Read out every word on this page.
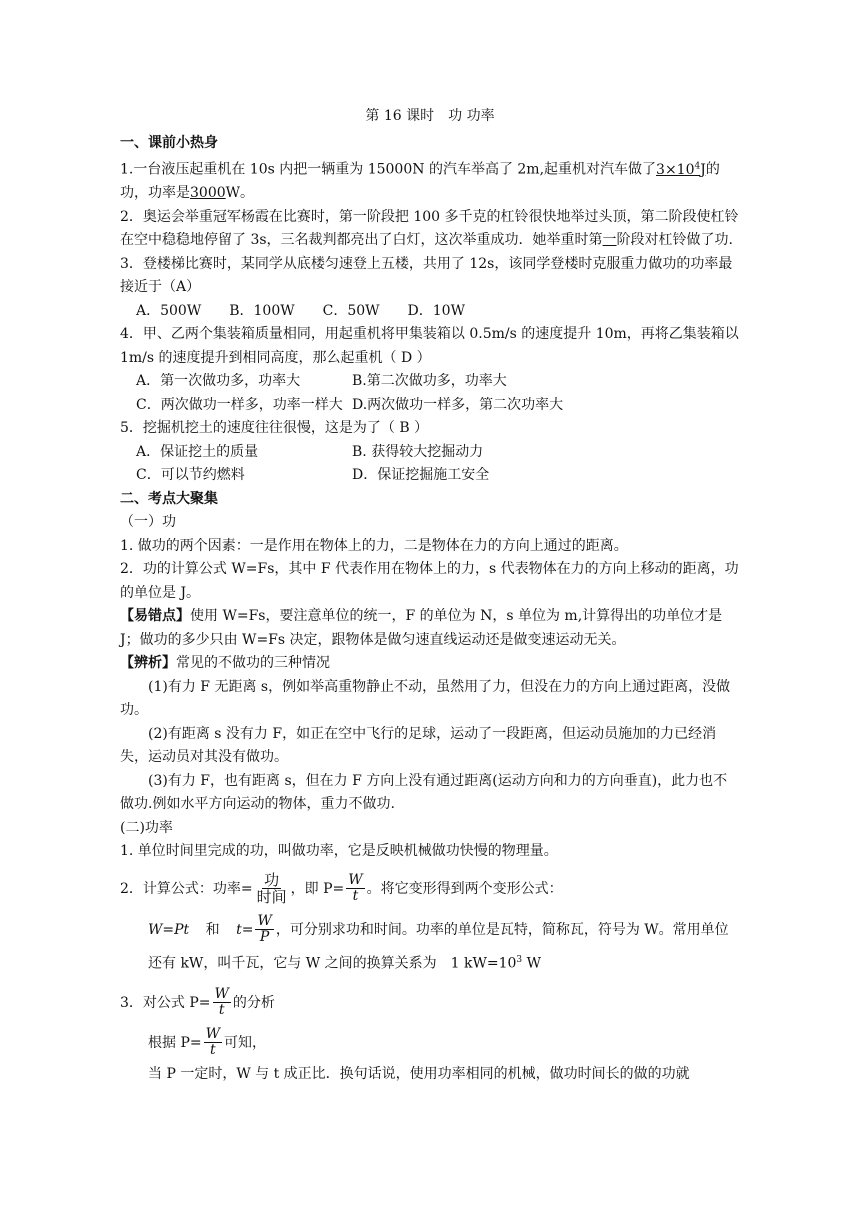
第 16 课时　功 功率

一、课前小热身

1.一台液压起重机在 10s 内把一辆重为 15000N 的汽车举高了 2m,起重机对汽车做了$3\times 10^4J$的功，功率是3000W。

2．奥运会举重冠军杨霞在比赛时，第一阶段把 100 多千克的杠铃很快地举过头顶，第二阶段使杠铃在空中稳稳地停留了 3s，三名裁判都亮出了白灯，这次举重成功．她举重时第一阶段对杠铃做了功.

3．登楼梯比赛时，某同学从底楼匀速登上五楼，共用了 12s，该同学登楼时克服重力做功的功率最接近于（A）

A．500W　　B．100W　　C．50W　　D．10W

4．甲、乙两个集装箱质量相同，用起重机将甲集装箱以 0.5m/s 的速度提升 10m，再将乙集装箱以 1m/s 的速度提升到相同高度，那么起重机（ D ）

A．第一次做功多，功率大	B.第二次做功多，功率大

C．两次做功一样多，功率一样大 D.两次做功一样多，第二次功率大

5．挖掘机挖土的速度往往很慢，这是为了（ B ）

A．保证挖土的质量	B. 获得较大挖掘动力

C．可以节约燃料	D．保证挖掘施工安全

二、考点大聚集

（一）功

1. 做功的两个因素：一是作用在物体上的力，二是物体在力的方向上通过的距离。

2．功的计算公式 W=Fs，其中 F 代表作用在物体上的力，s 代表物体在力的方向上移动的距离，功的单位是 J。

【易错点】使用 W=Fs，要注意单位的统一，F 的单位为 N，s 单位为 m,计算得出的功单位才是 J；做功的多少只由 W=Fs 决定，跟物体是做匀速直线运动还是做变速运动无关。

【辨析】常见的不做功的三种情况

(1)有力 F 无距离 s，例如举高重物静止不动，虽然用了力，但没在力的方向上通过距离，没做功。

(2)有距离 s 没有力 F，如正在空中飞行的足球，运动了一段距离，但运动员施加的力已经消失，运动员对其没有做功。

(3)有力 F，也有距离 s，但在力 F 方向上没有通过距离(运动方向和力的方向垂直)，此力也不做功.例如水平方向运动的物体，重力不做功.

(二)功率

1. 单位时间里完成的功，叫做功率，它是反映机械做功快慢的物理量。

2．计算公式：功率= $\frac{\text{功}}{\text{时间}}$ ，即 $P= \frac{W}{t}$ 。将它变形得到两个变形公式：

W=Pt 和 $t= \frac{W}{P}$ ，可分别求功和时间。功率的单位是瓦特，简称瓦，符号为 W。常用单位还有 kW，叫千瓦，它与 W 之间的换算关系为　1 $kW=10^3$ W

3．对公式 $P= \frac{W}{t}$ 的分析

根据 $P= \frac{W}{t}$ 可知，

当 P 一定时，W 与 t 成正比．换句话说，使用功率相同的机械，做功时间长的做的功就
